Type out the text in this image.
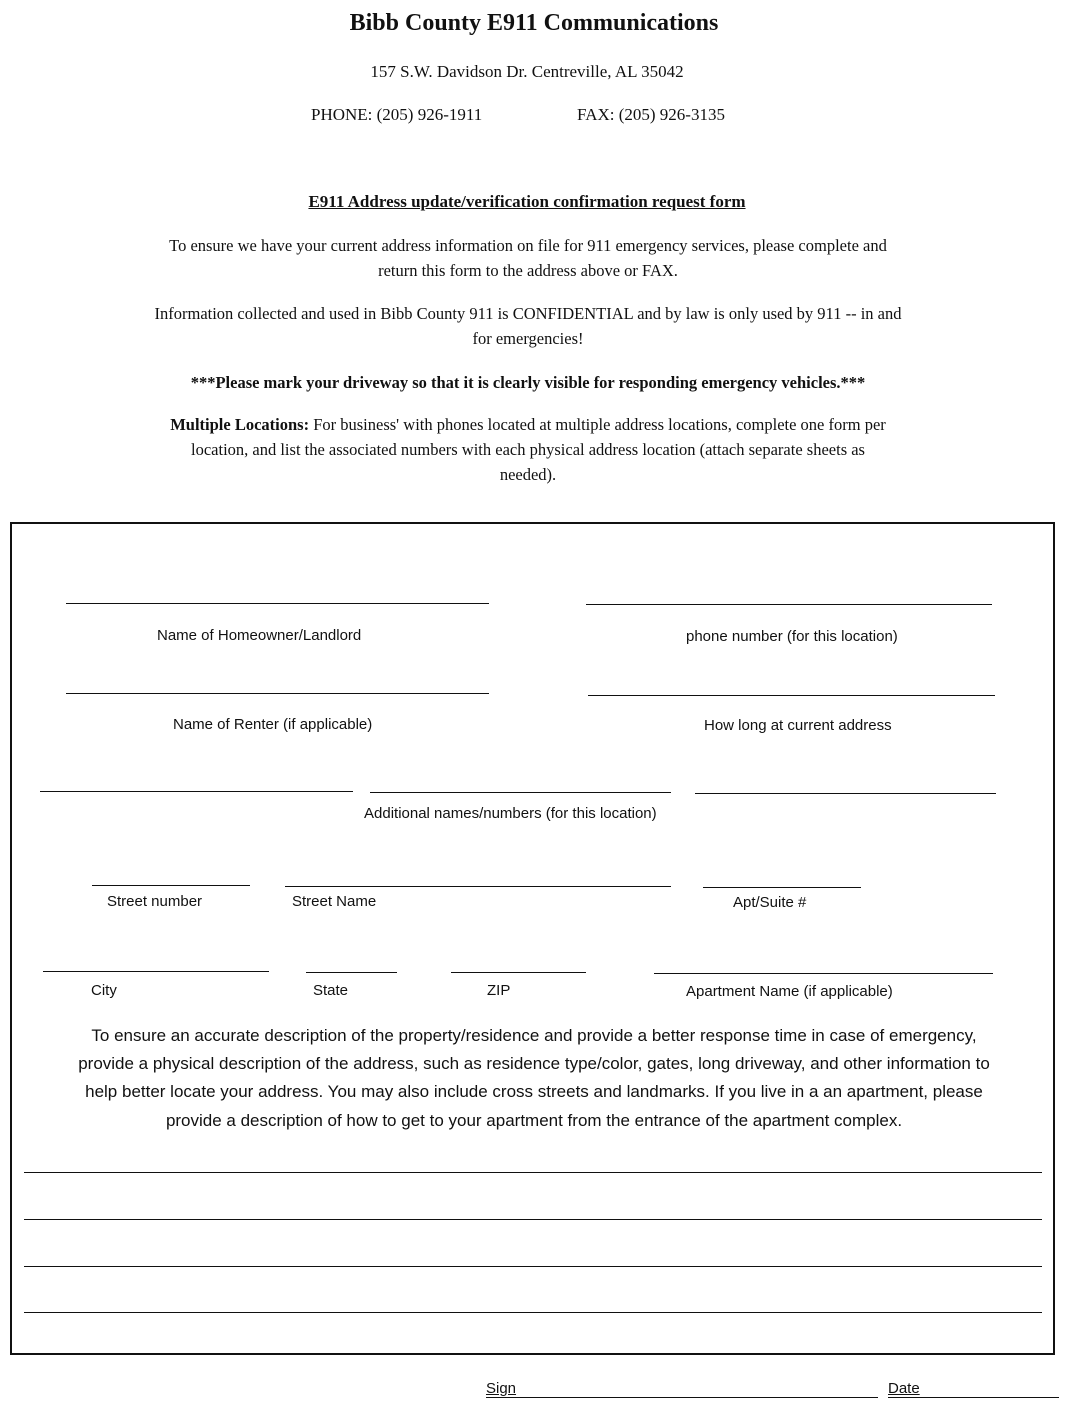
Bibb County E911 Communications
157 S.W. Davidson Dr. Centreville, AL 35042
PHONE: (205) 926-1911	FAX: (205) 926-3135
E911 Address update/verification confirmation request form
To ensure we have your current address information on file for 911 emergency services, please complete and
return this form to the address above or FAX.
Information collected and used in Bibb County 911 is CONFIDENTIAL and by law is only used by 911 -- in and
for emergencies!
***Please mark your driveway so that it is clearly visible for responding emergency vehicles.***
Multiple Locations: For business' with phones located at multiple address locations, complete one form per
location, and list the associated numbers with each physical address location (attach separate sheets as
needed).
Name of Homeowner/Landlord	phone number (for this location)
Name of Renter (if applicable)	How long at current address
Additional names/numbers (for this location)
Street number	Street Name	Apt/Suite #
City	State	ZIP	Apartment Name (if applicable)
To ensure an accurate description of the property/residence and provide a better response time in case of emergency,
provide a physical description of the address, such as residence type/color, gates, long driveway, and other information to
help better locate your address. You may also include cross streets and landmarks. If you live in a an apartment, please
provide a description of how to get to your apartment from the entrance of the apartment complex.
Sign	Date
